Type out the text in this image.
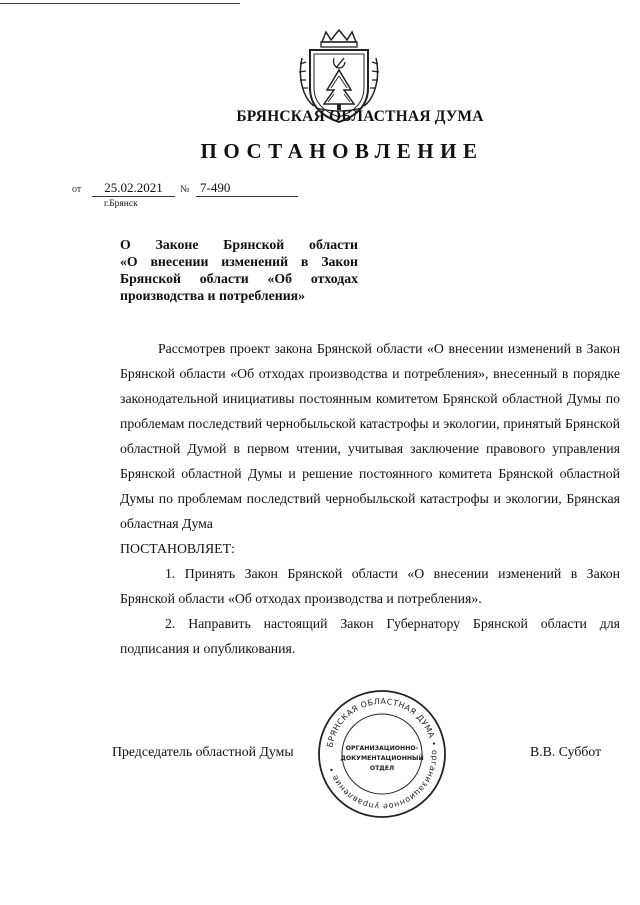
БРЯНСКАЯ ОБЛАСТНАЯ ДУМА
ПОСТАНОВЛЕНИЕ
от	25.02.2021	№ 7-490
г.Брянск
О Законе Брянской области
«О внесении изменений в Закон
Брянской области «Об отходах
производства и потребления»

Рассмотрев проект закона Брянской области «О внесении изменений в Закон Брянской области «Об отходах производства и потребления», внесенный в порядке законодательной инициативы постоянным комитетом Брянской областной Думы по проблемам последствий чернобыльской катастрофы и экологии, принятый Брянской областной Думой в первом чтении, учитывая заключение правового управления Брянской областной Думы и решение постоянного комитета Брянской областной Думы по проблемам последствий чернобыльской катастрофы и экологии, Брянская областная Дума

ПОСТАНОВЛЯЕТ:

1. Принять Закон Брянской области «О внесении изменений в Закон Брянской области «Об отходах производства и потребления».

2. Направить настоящий Закон Губернатору Брянской области для подписания и опубликования.

Председатель областной Думы	В.В. Суббот
БРЯНСКАЯ ОБЛАСТНАЯ ДУМА • организационное управление •
ОРГАНИЗАЦИОННО-
ДОКУМЕНТАЦИОННЫЙ
ОТДЕЛ
